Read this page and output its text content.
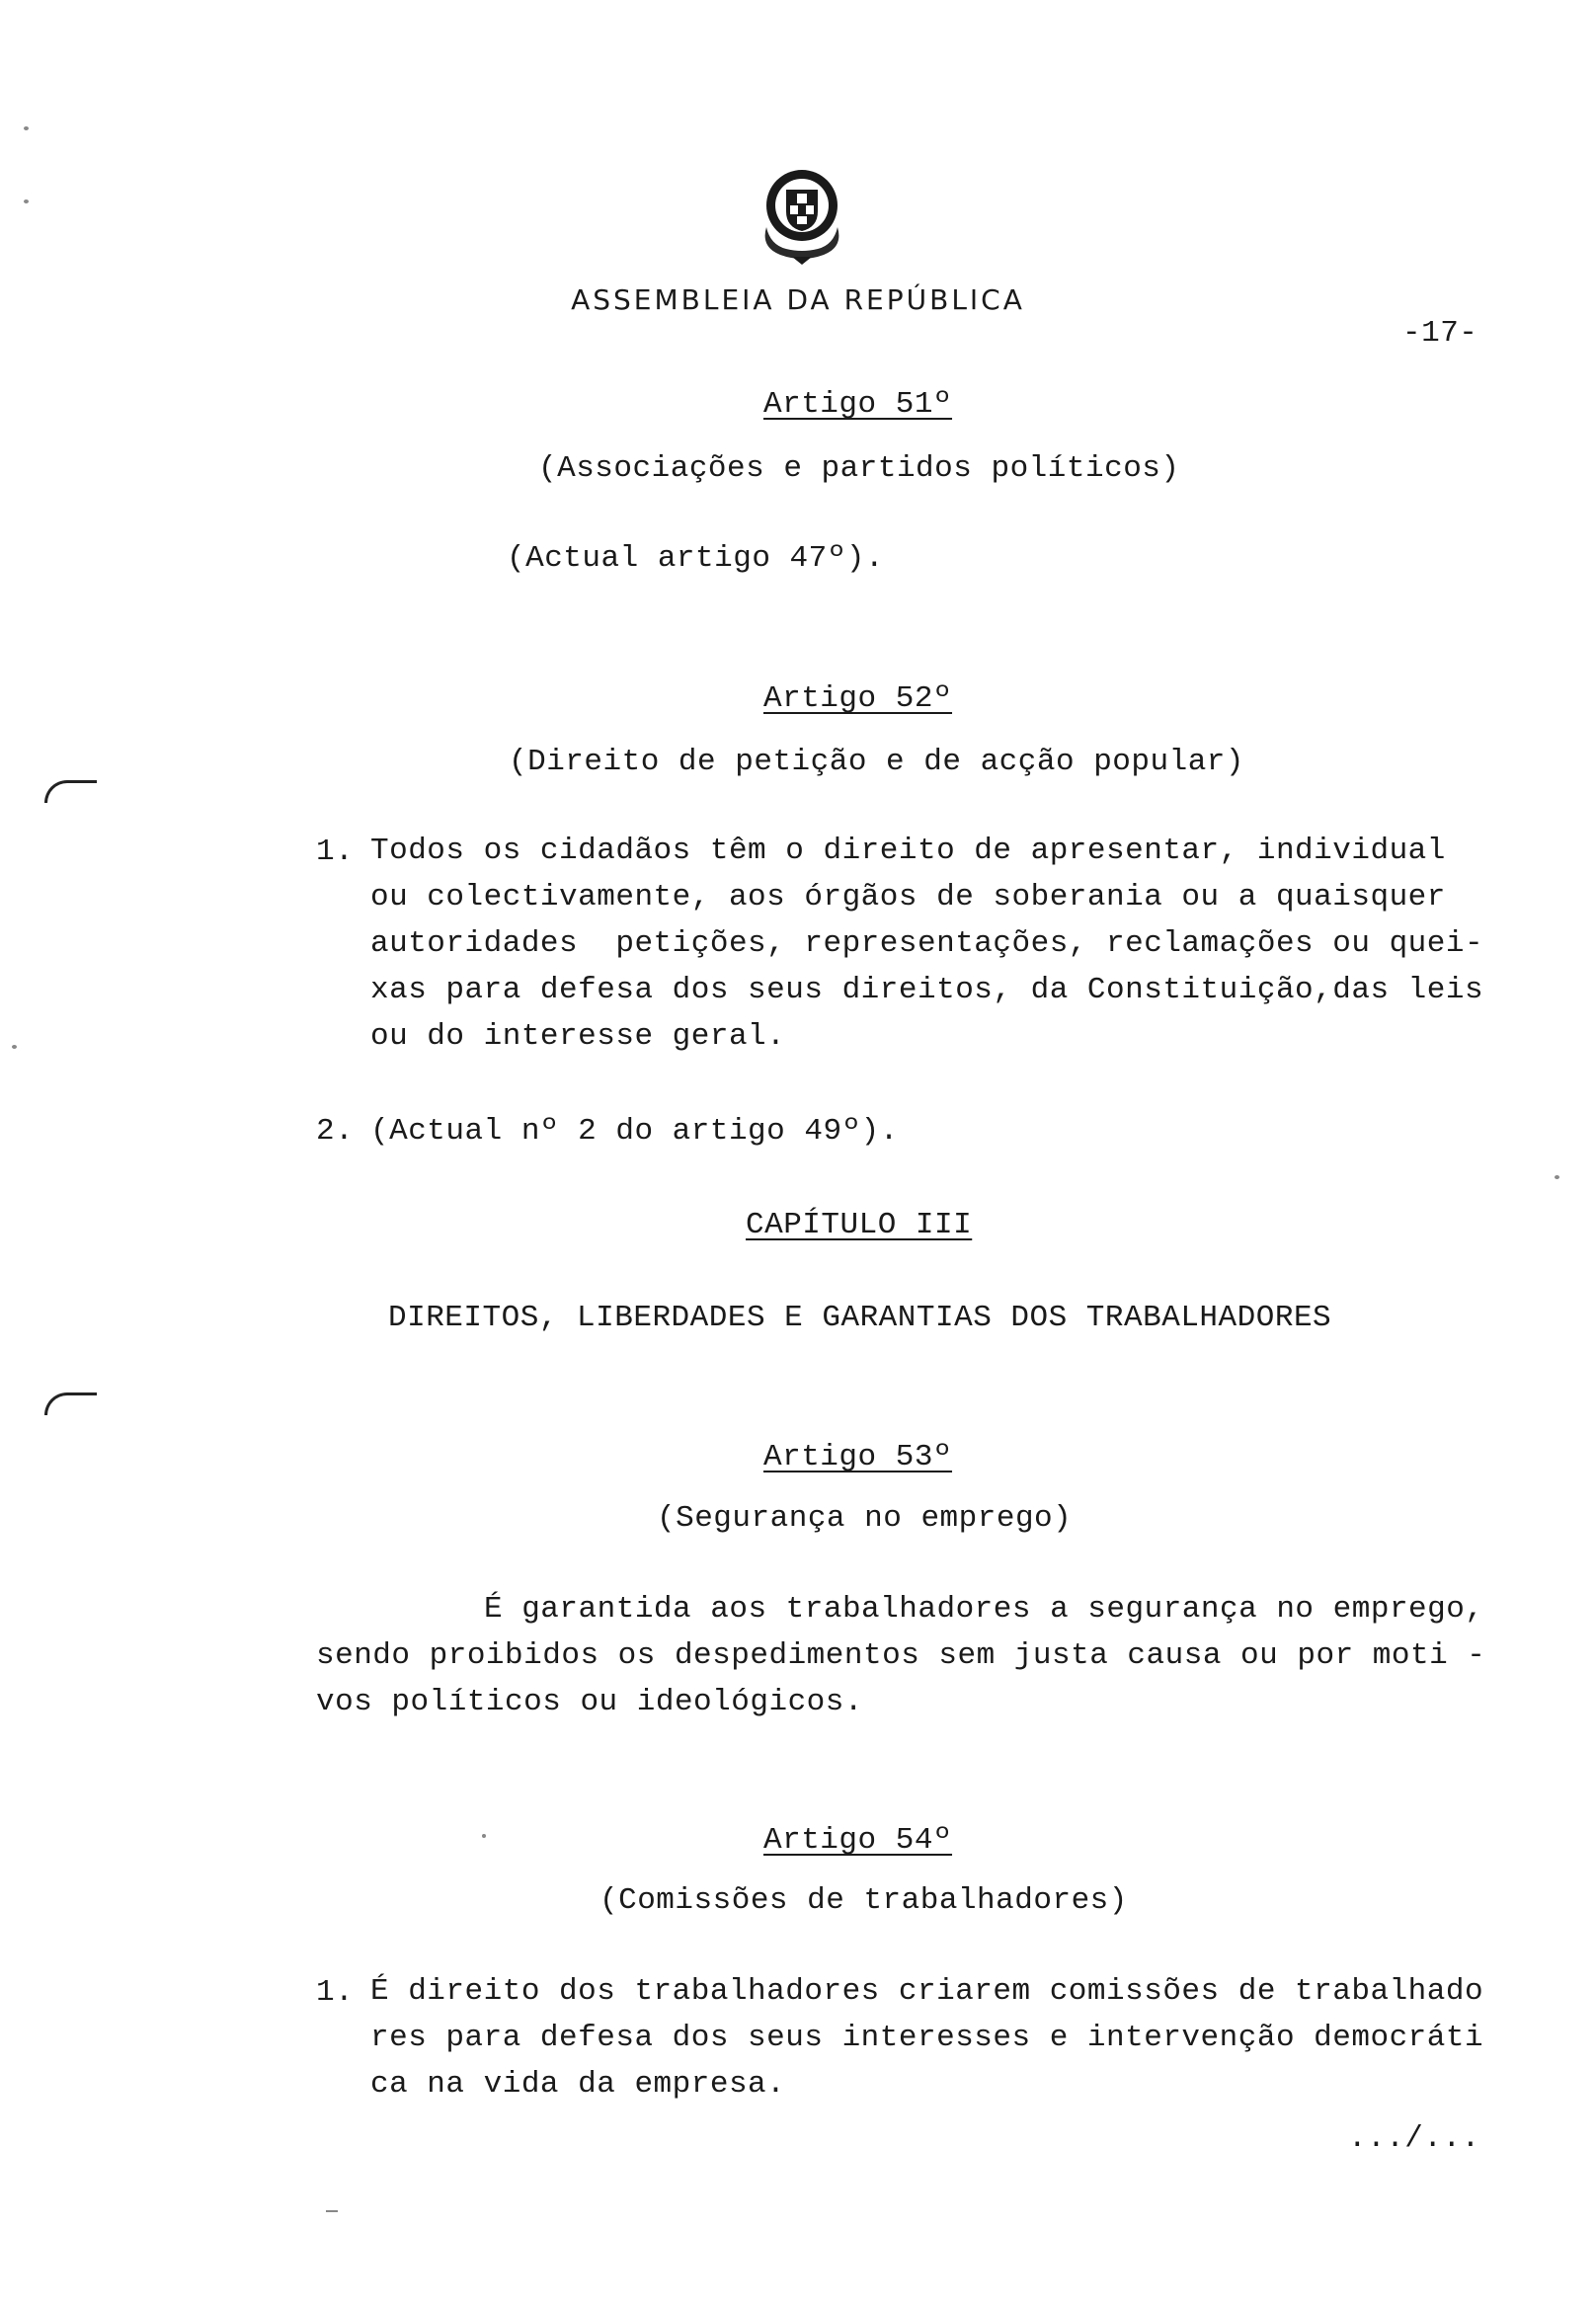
ASSEMBLEIA DA REPÚBLICA
-17-
Artigo 51º
(Associações e partidos políticos)
(Actual artigo 47º).
Artigo 52º
(Direito de petição e de acção popular)
1. Todos os cidadãos têm o direito de apresentar, individual
ou colectivamente, aos órgãos de soberania ou a quaisquer
autoridades  petições, representações, reclamações ou quei-
xas para defesa dos seus direitos, da Constituição,das leis
ou do interesse geral.
2. (Actual nº 2 do artigo 49º).
CAPÍTULO III
DIREITOS, LIBERDADES E GARANTIAS DOS TRABALHADORES
Artigo 53º
(Segurança no emprego)
É garantida aos trabalhadores a segurança no emprego,
sendo proibidos os despedimentos sem justa causa ou por moti -
vos políticos ou ideológicos.
Artigo 54º
(Comissões de trabalhadores)
1. É direito dos trabalhadores criarem comissões de trabalhado
res para defesa dos seus interesses e intervenção democráti
ca na vida da empresa.
.../...
